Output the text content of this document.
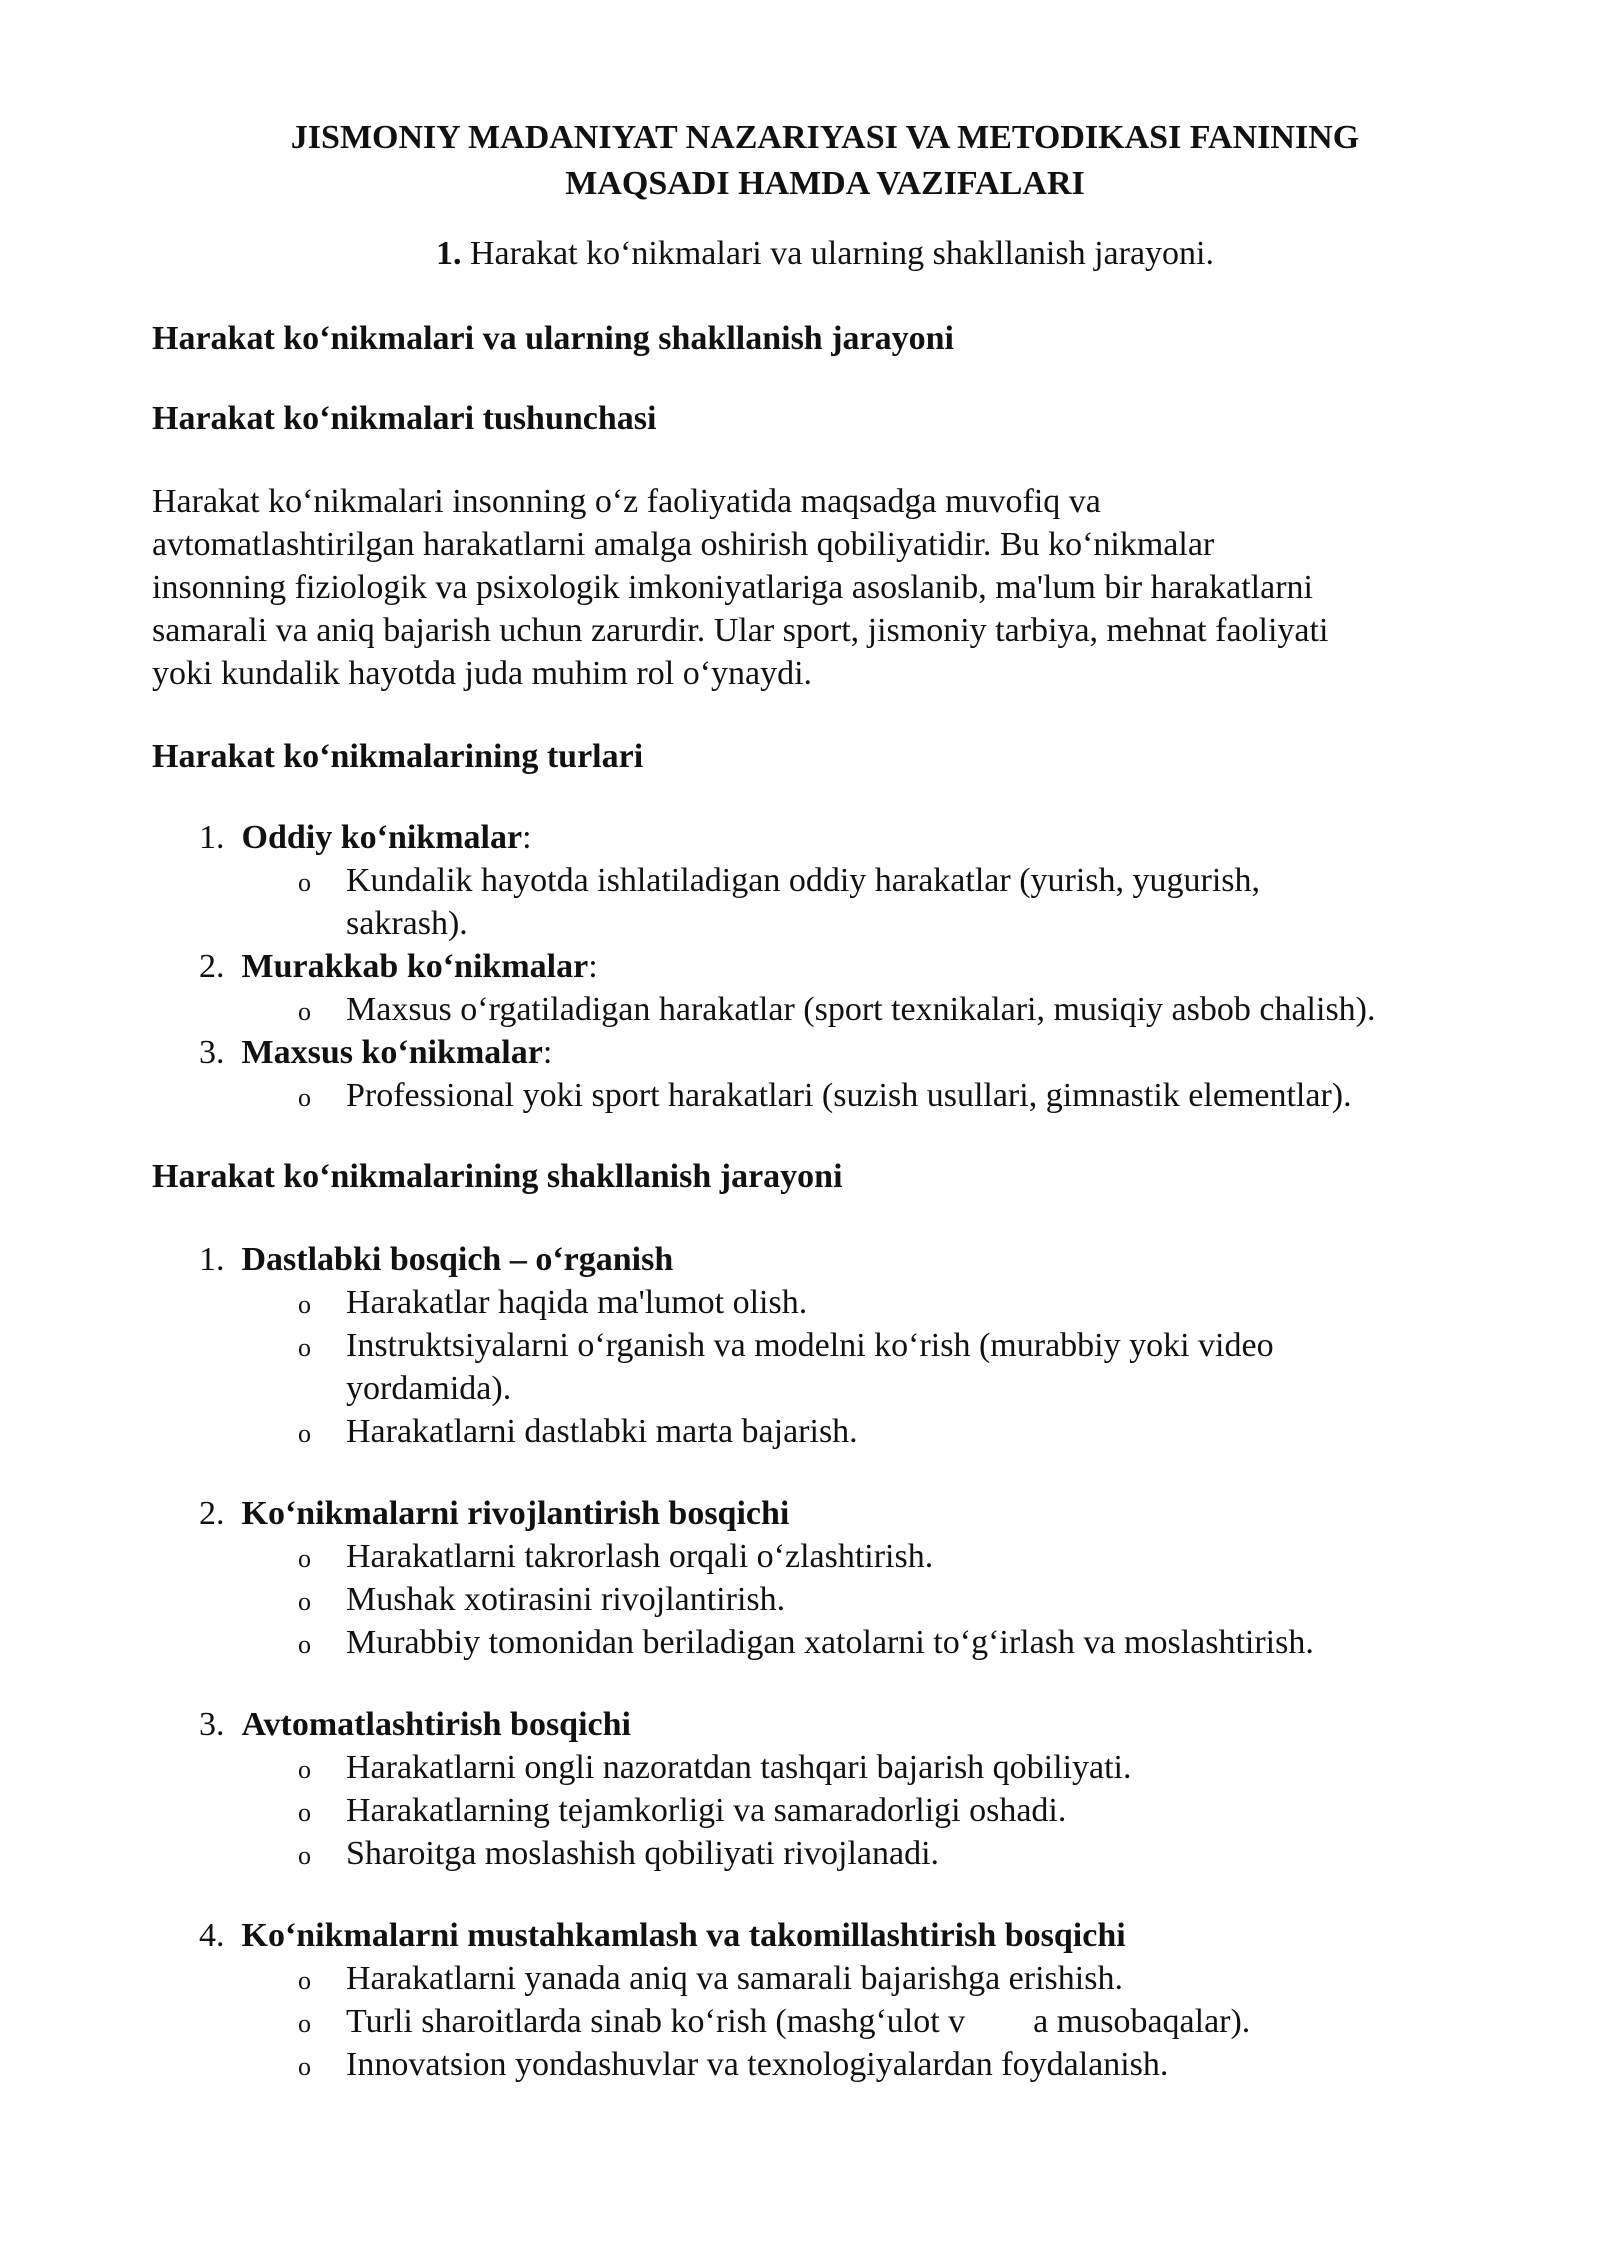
JISMONIY MADANIYAT NAZARIYASI VA METODIKASI FANINING
MAQSADI HAMDA VAZIFALARI
1. Harakat koʻnikmalari va ularning shakllanish jarayoni.
Harakat koʻnikmalari va ularning shakllanish jarayoni
Harakat koʻnikmalari tushunchasi
Harakat koʻnikmalari insonning oʻz faoliyatida maqsadga muvofiq va
avtomatlashtirilgan harakatlarni amalga oshirish qobiliyatidir. Bu koʻnikmalar
insonning fiziologik va psixologik imkoniyatlariga asoslanib, ma'lum bir harakatlarni
samarali va aniq bajarish uchun zarurdir. Ular sport, jismoniy tarbiya, mehnat faoliyati
yoki kundalik hayotda juda muhim rol oʻynaydi.
Harakat koʻnikmalarining turlari
1. Oddiy koʻnikmalar:
o Kundalik hayotda ishlatiladigan oddiy harakatlar (yurish, yugurish,
sakrash).
2. Murakkab koʻnikmalar:
o Maxsus oʻrgatiladigan harakatlar (sport texnikalari, musiqiy asbob chalish).
3. Maxsus koʻnikmalar:
o Professional yoki sport harakatlari (suzish usullari, gimnastik elementlar).
Harakat koʻnikmalarining shakllanish jarayoni
1. Dastlabki bosqich – oʻrganish
o Harakatlar haqida ma'lumot olish.
o Instruktsiyalarni oʻrganish va modelni koʻrish (murabbiy yoki video
yordamida).
o Harakatlarni dastlabki marta bajarish.
2. Koʻnikmalarni rivojlantirish bosqichi
o Harakatlarni takrorlash orqali oʻzlashtirish.
o Mushak xotirasini rivojlantirish.
o Murabbiy tomonidan beriladigan xatolarni toʻgʻirlash va moslashtirish.
3. Avtomatlashtirish bosqichi
o Harakatlarni ongli nazoratdan tashqari bajarish qobiliyati.
o Harakatlarning tejamkorligi va samaradorligi oshadi.
o Sharoitga moslashish qobiliyati rivojlanadi.
4. Koʻnikmalarni mustahkamlash va takomillashtirish bosqichi
o Harakatlarni yanada aniq va samarali bajarishga erishish.
o Turli sharoitlarda sinab koʻrish (mashgʻulot v        a musobaqalar).
o Innovatsion yondashuvlar va texnologiyalardan foydalanish.
